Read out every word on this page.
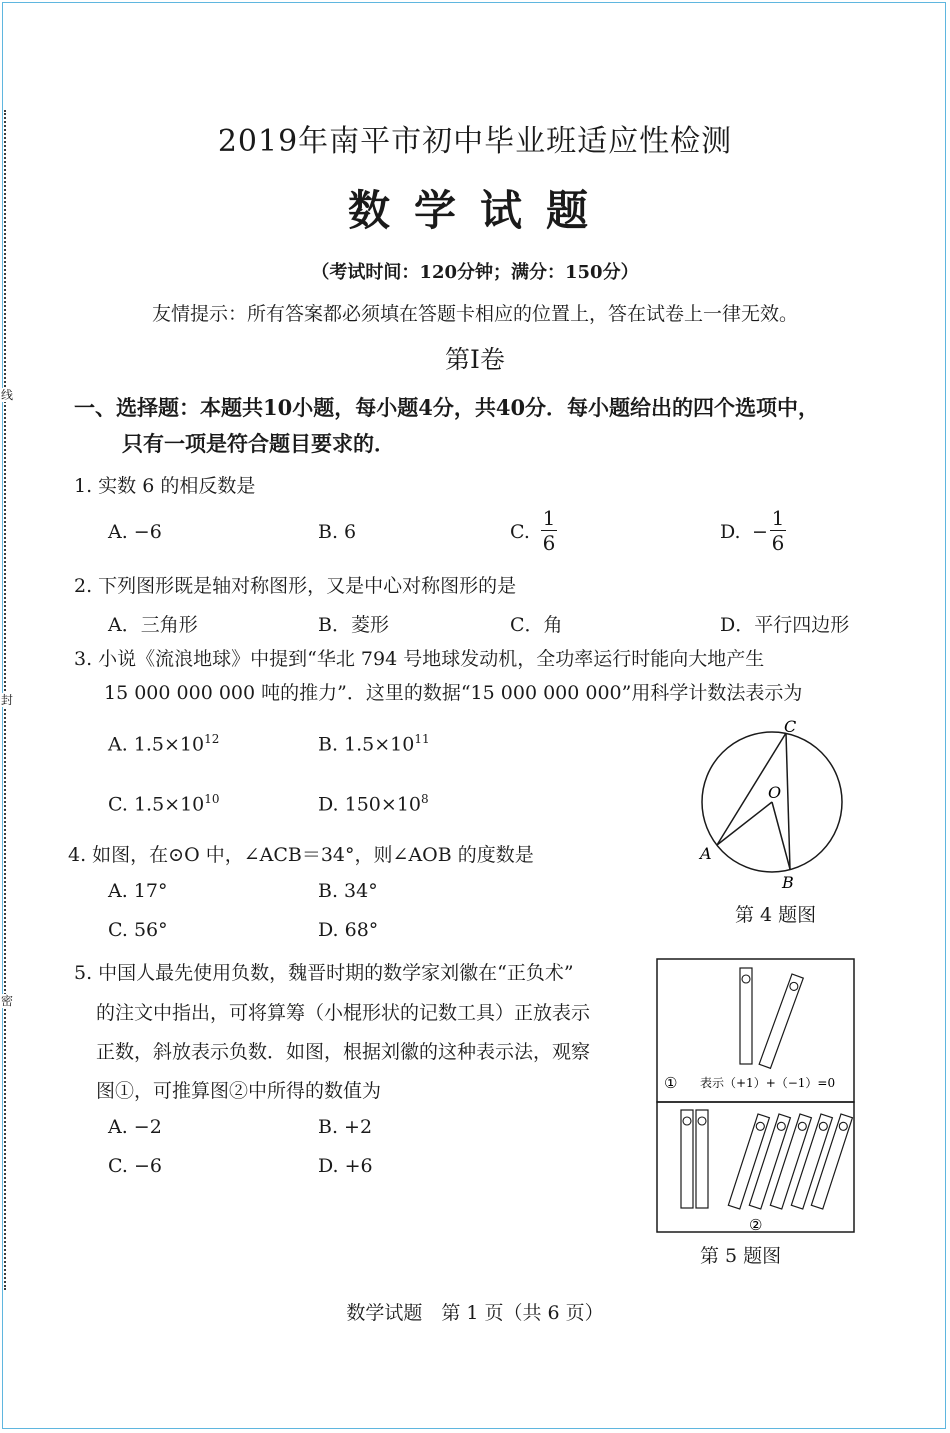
线
封
密
2019年南平市初中毕业班适应性检测
数学试题
（考试时间：120分钟；满分：150分）
友情提示：所有答案都必须填在答题卡相应的位置上，答在试卷上一律无效。
第Ⅰ卷
一、选择题：本题共10小题，每小题4分，共40分．每小题给出的四个选项中，
只有一项是符合题目要求的．
1. 实数 6 的相反数是
A. −6	B. 6	C. $\frac{1}{6}$	D. − $\frac{1}{6}$
2. 下列图形既是轴对称图形，又是中心对称图形的是
A．三角形	B．菱形	C．角	D．平行四边形
3. 小说《流浪地球》中提到“华北 794 号地球发动机，全功率运行时能向大地产生
15 000 000 000 吨的推力”．这里的数据“15 000 000 000”用科学计数法表示为
A. $1.5\times 10^{12}$	B. $1.5\times 10^{11}$
C. $1.5\times 10^{10}$	D. $150\times 10^8$
4. 如图，在⊙O 中，∠ACB＝34°，则∠AOB 的度数是
A. 17°	B. 34°
C. 56°	D. 68°
C
O
A
B
第 4 题图
5. 中国人最先使用负数，魏晋时期的数学家刘徽在“正负术”
的注文中指出，可将算筹（小棍形状的记数工具）正放表示
正数，斜放表示负数．如图，根据刘徽的这种表示法，观察
图①，可推算图②中所得的数值为
A. −2	B. +2
C. −6	D. +6
① 表示（+1）+（−1）=0
②
第 5 题图
数学试题　第 1 页（共 6 页）
